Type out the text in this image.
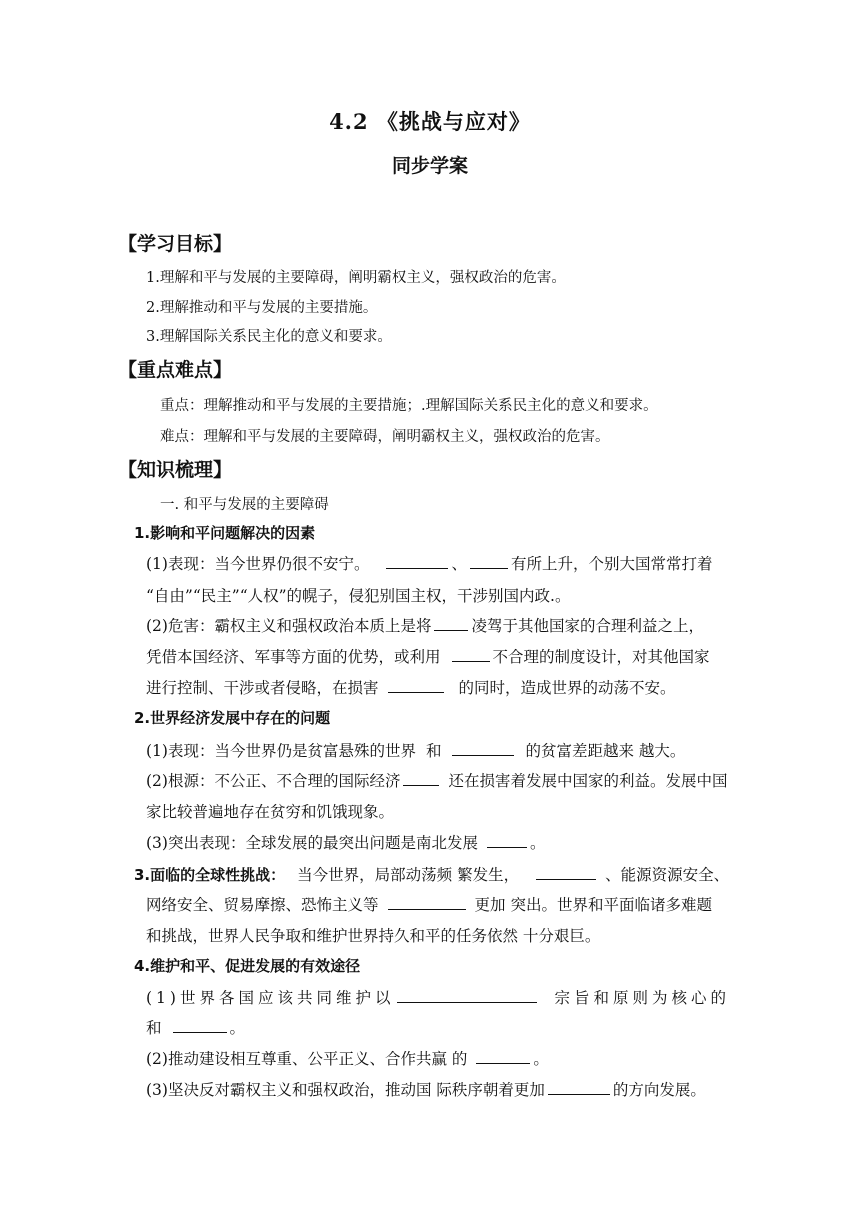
4.2 《挑战与应对》
同步学案
【学习目标】
1.理解和平与发展的主要障碍，阐明霸权主义，强权政治的危害。
2.理解推动和平与发展的主要措施。
3.理解国际关系民主化的意义和要求。
【重点难点】
重点：理解推动和平与发展的主要措施；.理解国际关系民主化的意义和要求。
难点：理解和平与发展的主要障碍，阐明霸权主义，强权政治的危害。
【知识梳理】
一. 和平与发展的主要障碍
1.影响和平问题解决的因素
(1)表现：当今世界仍很不安宁。	、	有所上升，个别大国常常打着
“自由”“民主”“人权”的幌子，侵犯别国主权，干涉别国内政.。
(2)危害：霸权主义和强权政治本质上是将	凌驾于其他国家的合理利益之上，
凭借本国经济、军事等方面的优势，或利用	不合理的制度设计，对其他国家
进行控制、干涉或者侵略，在损害	的同时，造成世界的动荡不安。
2.世界经济发展中存在的问题
(1)表现：当今世界仍是贫富悬殊的世界 和	的贫富差距越来 越大。
(2)根源：不公正、不合理的国际经济	还在损害着发展中国家的利益。发展中国
家比较普遍地存在贫穷和饥饿现象。
(3)突出表现：全球发展的最突出问题是南北发展	。
3.面临的全球性挑战： 当今世界，局部动荡频 繁发生，	、能源资源安全、
网络安全、贸易摩擦、恐怖主义等	更加 突出。世界和平面临诸多难题
和挑战，世界人民争取和维护世界持久和平的任务依然 十分艰巨。
4.维护和平、促进发展的有效途径
(1)世界各国应该共同维护以	宗旨和原则为核心的
和	。
(2)推动建设相互尊重、公平正义、合作共赢 的	。
(3)坚决反对霸权主义和强权政治，推动国 际秩序朝着更加	的方向发展。
